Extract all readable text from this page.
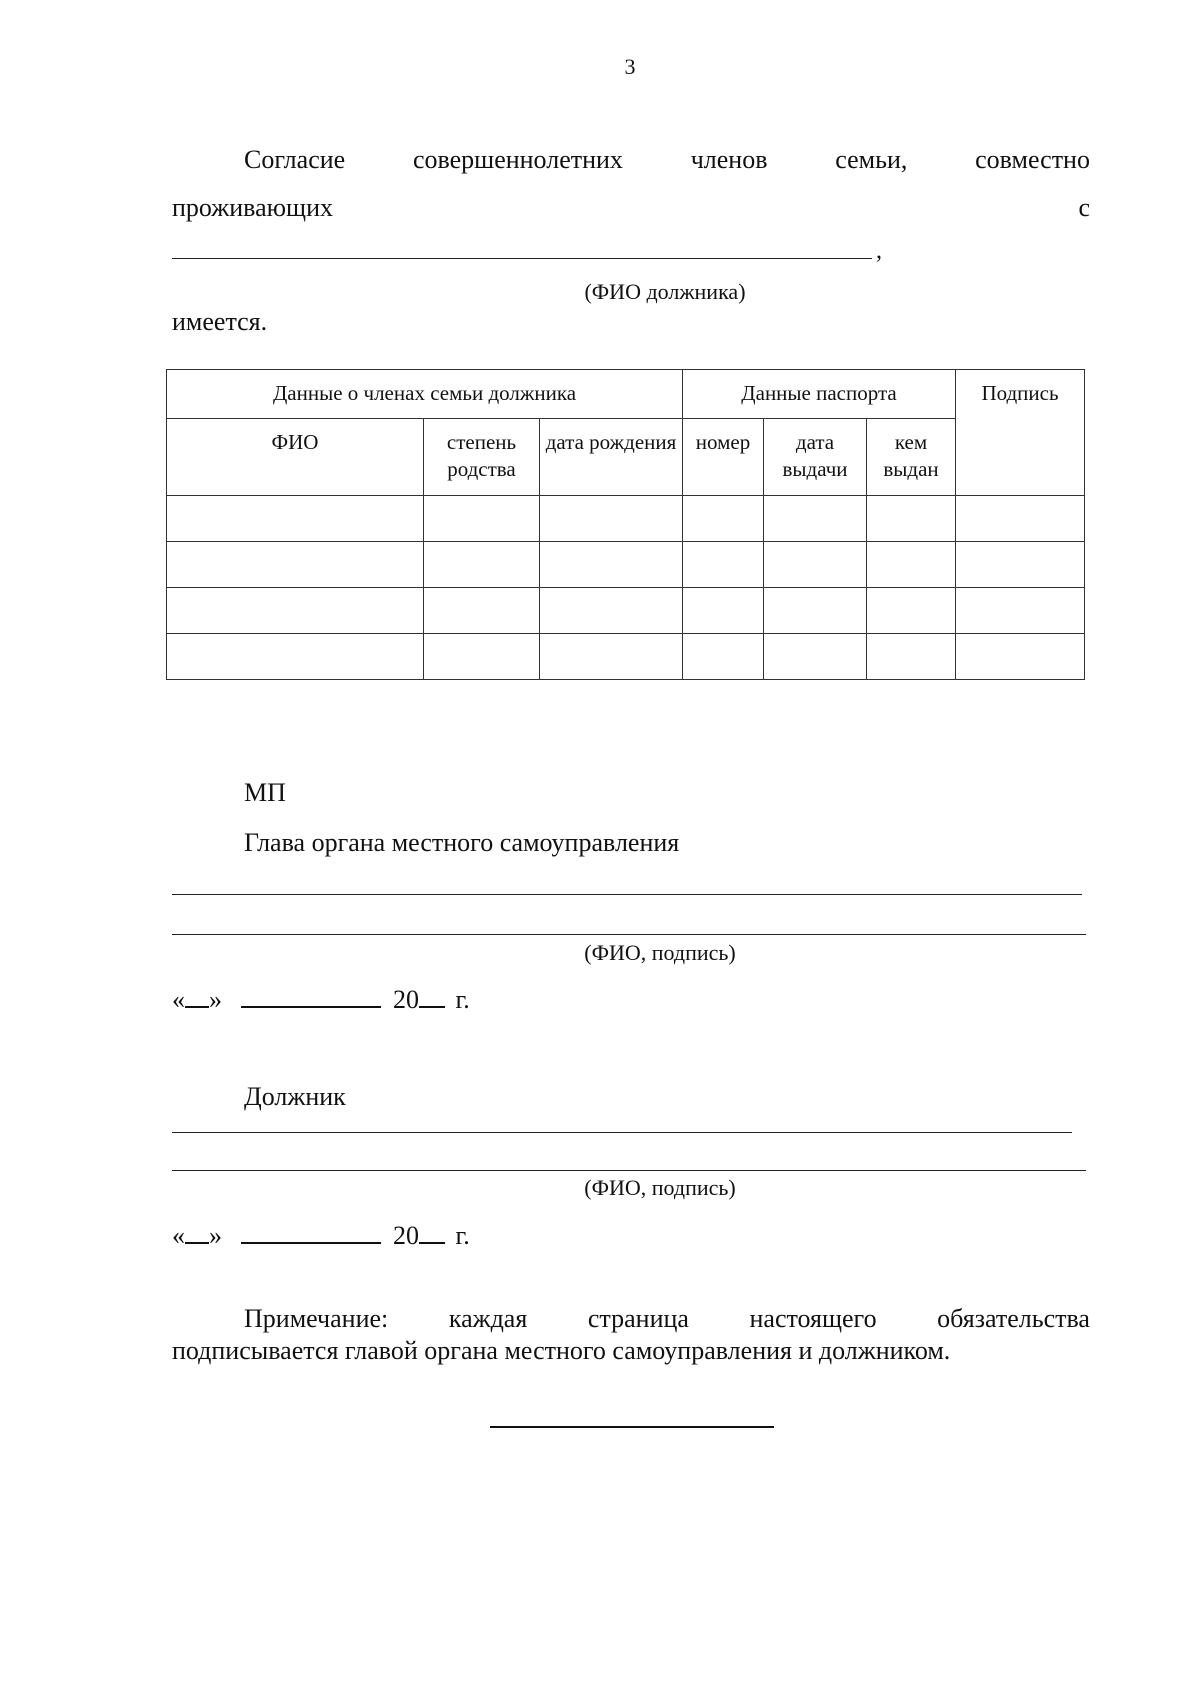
3
Согласие	совершеннолетних	членов	семьи,	совместно
проживающих	с
,
(ФИО должника)
имеется.
Данные о членах семьи должника			Данные паспорта			Подпись
ФИО	степень родства	дата рождения	номер	дата выдачи	кем выдан	

МП
Глава органа местного самоуправления
(ФИО, подпись)
« »	20 г.
Должник
(ФИО, подпись)
« »	20 г.
Примечание: каждая страница настоящего обязательства
подписывается главой органа местного самоуправления и должником.
